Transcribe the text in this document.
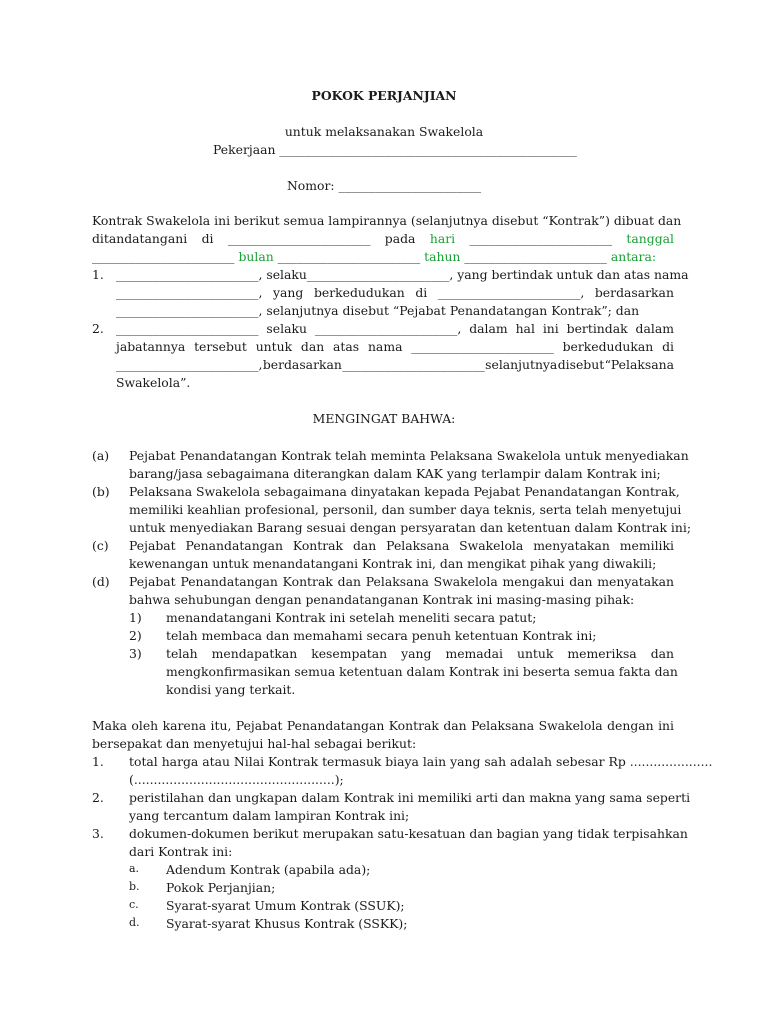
POKOK PERJANJIAN
untuk melaksanakan Swakelola
Pekerjaan ________________________________________________
Nomor: _______________________
Kontrak Swakelola ini berikut semua lampirannya (selanjutnya disebut “Kontrak”) dibuat dan
ditandatangani di _______________________ pada hari _______________________ tanggal
_______________________ bulan _______________________ tahun _______________________ antara:
1. _______________________, selaku _______________________, yang bertindak untuk dan atas nama
_______________________, yang berkedudukan di _______________________, berdasarkan
_______________________, selanjutnya disebut “Pejabat Penandatangan Kontrak”; dan
2. _______________________ selaku _______________________, dalam hal ini bertindak dalam
jabatannya tersebut untuk dan atas nama _______________________ berkedudukan di
_______________________, berdasarkan _______________________ selanjutnya disebut “Pelaksana
Swakelola”.
MENGINGAT BAHWA:
(a) Pejabat Penandatangan Kontrak telah meminta Pelaksana Swakelola untuk menyediakan
barang/jasa sebagaimana diterangkan dalam KAK yang terlampir dalam Kontrak ini;
(b) Pelaksana Swakelola sebagaimana dinyatakan kepada Pejabat Penandatangan Kontrak,
memiliki keahlian profesional, personil, dan sumber daya teknis, serta telah menyetujui
untuk menyediakan Barang sesuai dengan persyaratan dan ketentuan dalam Kontrak ini;
(c) Pejabat Penandatangan Kontrak dan Pelaksana Swakelola menyatakan memiliki
kewenangan untuk menandatangani Kontrak ini, dan mengikat pihak yang diwakili;
(d) Pejabat Penandatangan Kontrak dan Pelaksana Swakelola mengakui dan menyatakan
bahwa sehubungan dengan penandatanganan Kontrak ini masing-masing pihak:
1) menandatangani Kontrak ini setelah meneliti secara patut;
2) telah membaca dan memahami secara penuh ketentuan Kontrak ini;
3) telah mendapatkan kesempatan yang memadai untuk memeriksa dan
mengkonfirmasikan semua ketentuan dalam Kontrak ini beserta semua fakta dan
kondisi yang terkait.
Maka oleh karena itu, Pejabat Penandatangan Kontrak dan Pelaksana Swakelola dengan ini
bersepakat dan menyetujui hal-hal sebagai berikut:
1. total harga atau Nilai Kontrak termasuk biaya lain yang sah adalah sebesar Rp .....................
(...................................................);
2. peristilahan dan ungkapan dalam Kontrak ini memiliki arti dan makna yang sama seperti
yang tercantum dalam lampiran Kontrak ini;
3. dokumen-dokumen berikut merupakan satu-kesatuan dan bagian yang tidak terpisahkan
dari Kontrak ini:
a. Adendum Kontrak (apabila ada);
b. Pokok Perjanjian;
c. Syarat-syarat Umum Kontrak (SSUK);
d. Syarat-syarat Khusus Kontrak (SSKK);
